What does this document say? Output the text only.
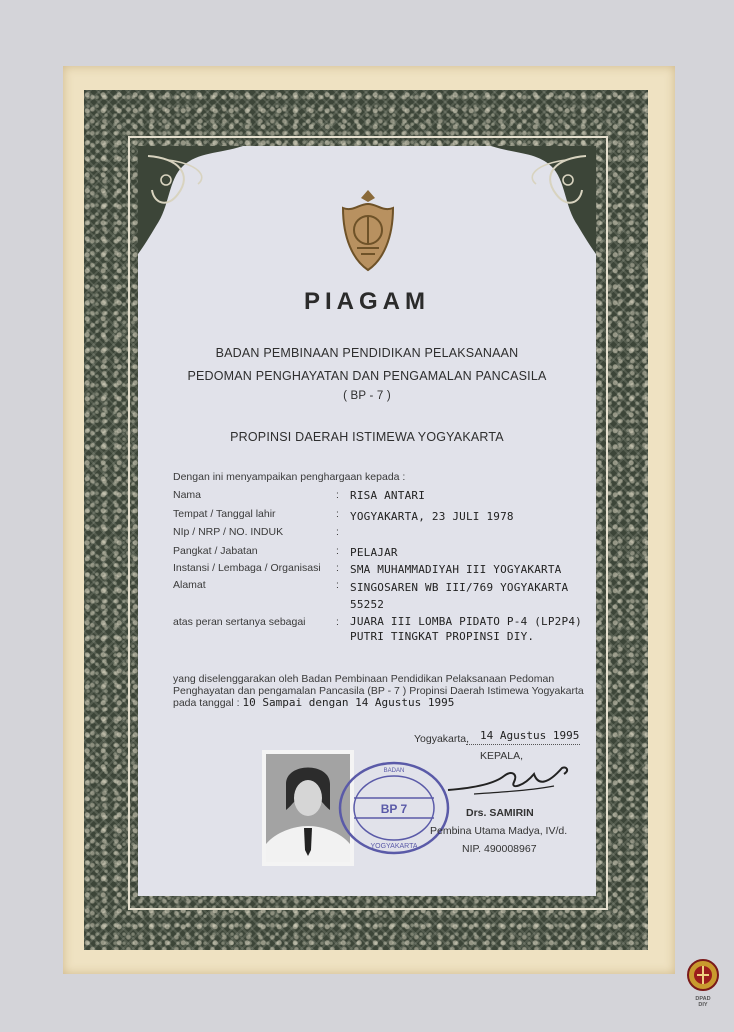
PIAGAM
BADAN PEMBINAAN PENDIDIKAN PELAKSANAAN
PEDOMAN PENGHAYATAN DAN PENGAMALAN PANCASILA
( BP - 7 )
PROPINSI DAERAH ISTIMEWA YOGYAKARTA
Dengan ini menyampaikan penghargaan kepada :
Nama	: RISA ANTARI
Tempat / Tanggal lahir	: YOGYAKARTA, 23 JULI 1978
NIp / NRP / NO. INDUK	:
Pangkat / Jabatan	: PELAJAR
Instansi / Lembaga / Organisasi : SMA MUHAMMADIYAH III YOGYAKARTA
Alamat	: SINGOSAREN WB III/769 YOGYAKARTA
55252
atas peran sertanya sebagai	: JUARA III LOMBA PIDATO P-4 (LP2P4)
PUTRI TINGKAT PROPINSI DIY.
yang diselenggarakan oleh Badan Pembinaan Pendidikan Pelaksanaan Pedoman
Penghayatan dan pengamalan Pancasila (BP - 7 ) Propinsi Daerah Istimewa Yogyakarta
pada tanggal : 10 Sampai dengan 14 Agustus 1995
Yogyakarta, 14 Agustus 1995
KEPALA,
BP 7
BADAN
YOGYAKARTA
Drs. SAMIRIN
Pembina Utama Madya, IV/d.
NIP. 490008967
DPAD
DIY
